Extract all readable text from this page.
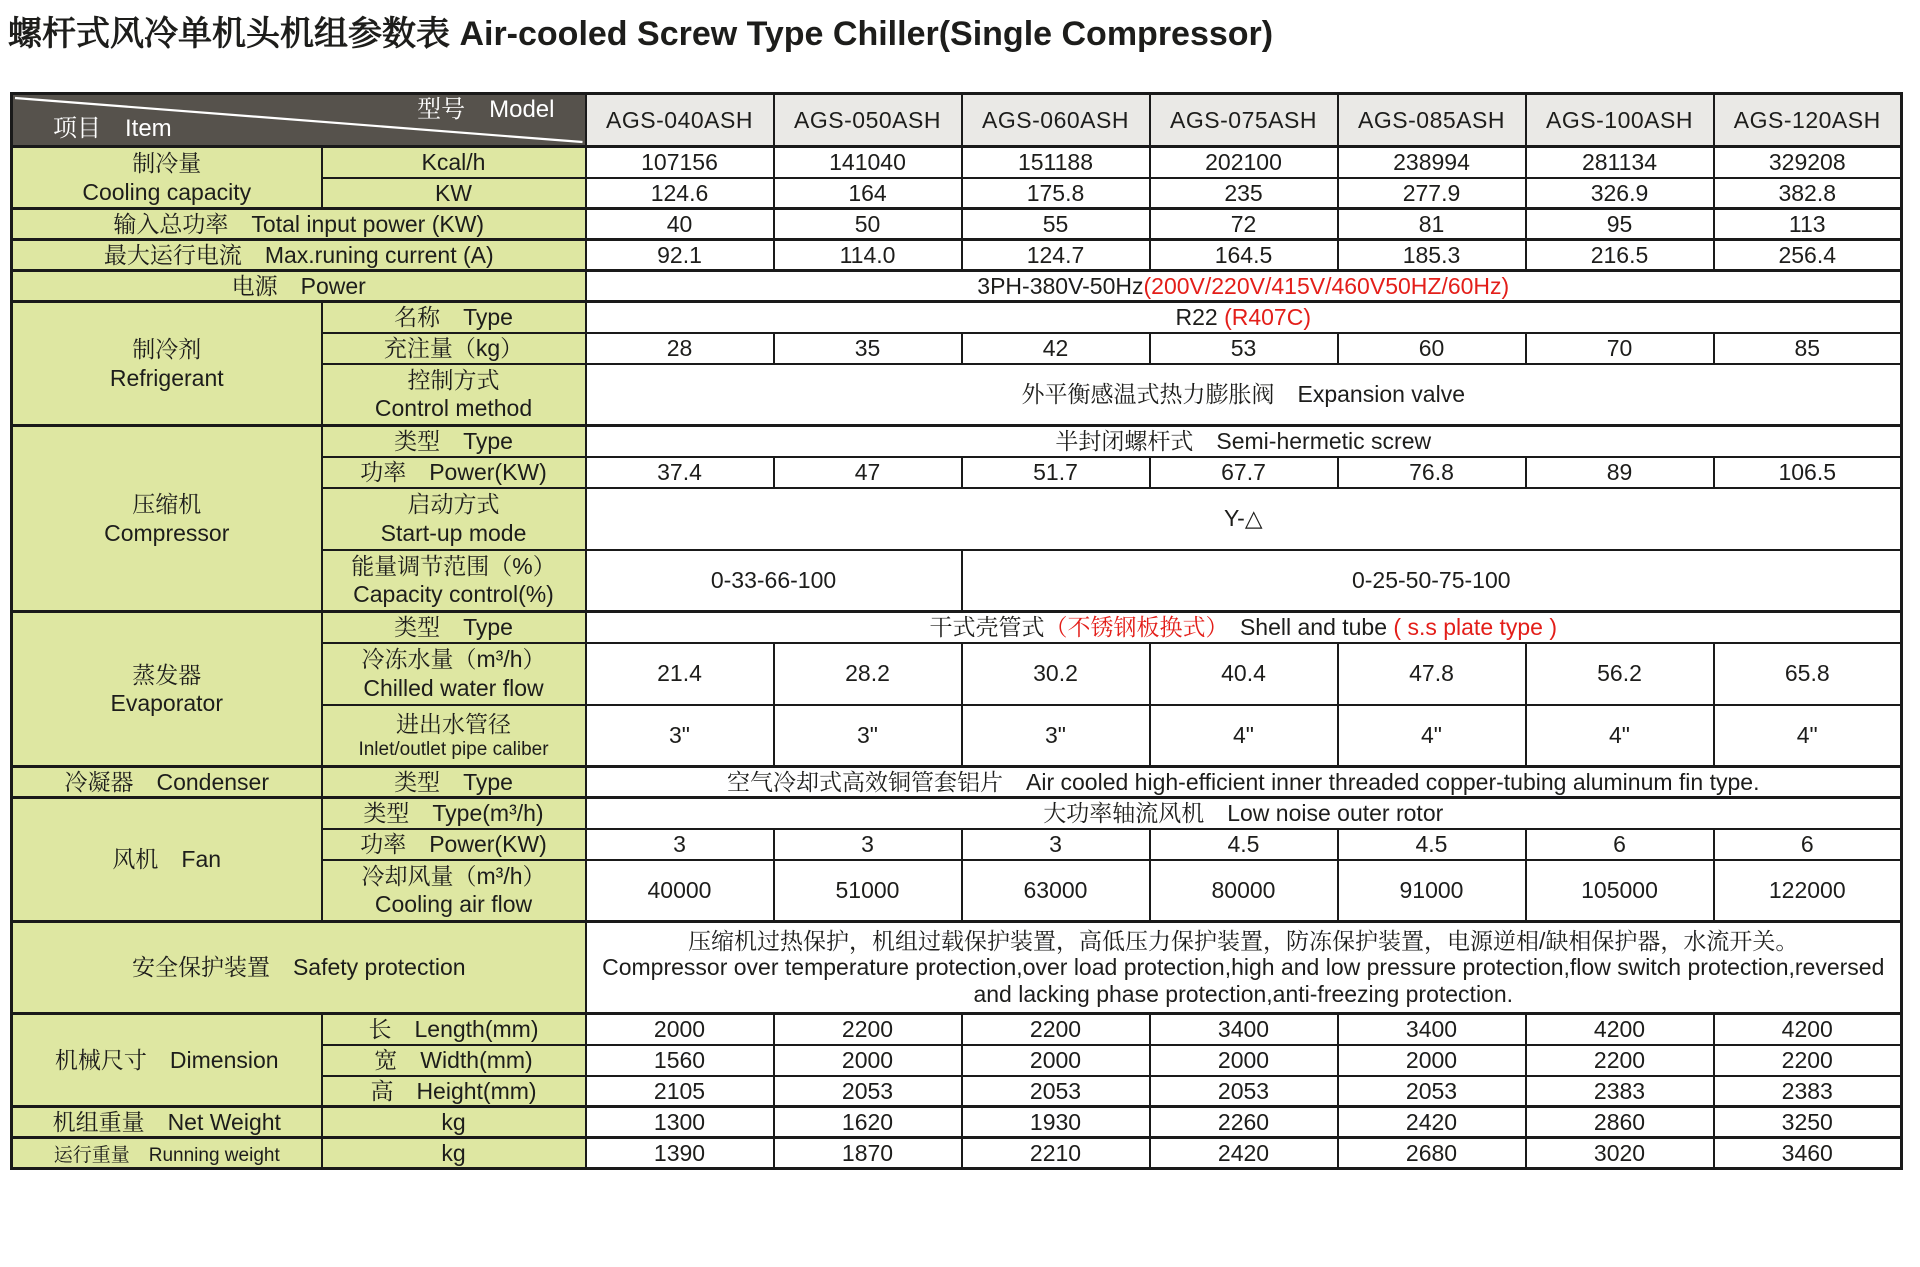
螺杆式风冷单机头机组参数表 Air-cooled Screw Type Chiller(Single Compressor)
型号　Model
项目　Item		AGS-040ASH	AGS-050ASH	AGS-060ASH	AGS-075ASH	AGS-085ASH	AGS-100ASH	AGS-120ASH

制冷量
Cooling capacity	Kcal/h	107156	141040	151188	202100	238994	281134	329208
	KW	124.6	164	175.8	235	277.9	326.9	382.8
输入总功率　Total input power (KW)		40	50	55	72	81	95	113
最大运行电流　Max.runing current (A)		92.1	114.0	124.7	164.5	185.3	216.5	256.4
电源　Power		3PH-380V-50Hz(200V/220V/415V/460V50HZ/60Hz)						

制冷剂
Refrigerant	名称　Type	R22 (R407C)						
	充注量（kg）	28	35	42	53	60	70	85

	控制方式
Control method	外平衡感温式热力膨胀阀　Expansion valve						

压缩机
Compressor	类型　Type	半封闭螺杆式　Semi-hermetic screw						
	功率　Power(KW)	37.4	47	51.7	67.7	76.8	89	106.5

	启动方式
Start-up mode	Y-△						

	能量调节范围（%）
Capacity control(%)	0-33-66-100		0-25-50-75-100				

蒸发器
Evaporator	类型　Type	干式壳管式（不锈钢板换式）　Shell and tube ( s.s plate type )						

	冷冻水量（m³/h）
Chilled water flow	21.4	28.2	30.2	40.4	47.8	56.2	65.8

	进出水管径
Inlet/outlet pipe caliber	3"	3"	3"	4"	4"	4"	4"
冷凝器　Condenser	类型　Type	空气冷却式高效铜管套铝片　Air cooled high-efficient inner threaded copper-tubing aluminum fin type.						
风机　Fan	类型　Type(m³/h)	大功率轴流风机　Low noise outer rotor						
	功率　Power(KW)	3	3	3	4.5	4.5	6	6

	冷却风量（m³/h）
Cooling air flow	40000	51000	63000	80000	91000	105000	122000
安全保护装置　Safety protection		压缩机过热保护，机组过载保护装置，高低压力保护装置，防冻保护装置，电源逆相/缺相保护器，水流开关。
Compressor over temperature protection,over load protection,high and low pressure protection,flow switch protection,reversed and lacking phase protection,anti-freezing protection.						

机械尺寸　Dimension	长　Length(mm)	2000	2200	2200	3400	3400	4200	4200
	宽　Width(mm)	1560	2000	2000	2000	2000	2200	2200
	高　Height(mm)	2105	2053	2053	2053	2053	2383	2383
机组重量　Net Weight	kg	1300	1620	1930	2260	2420	2860	3250
运行重量　Running weight	kg	1390	1870	2210	2420	2680	3020	3460
